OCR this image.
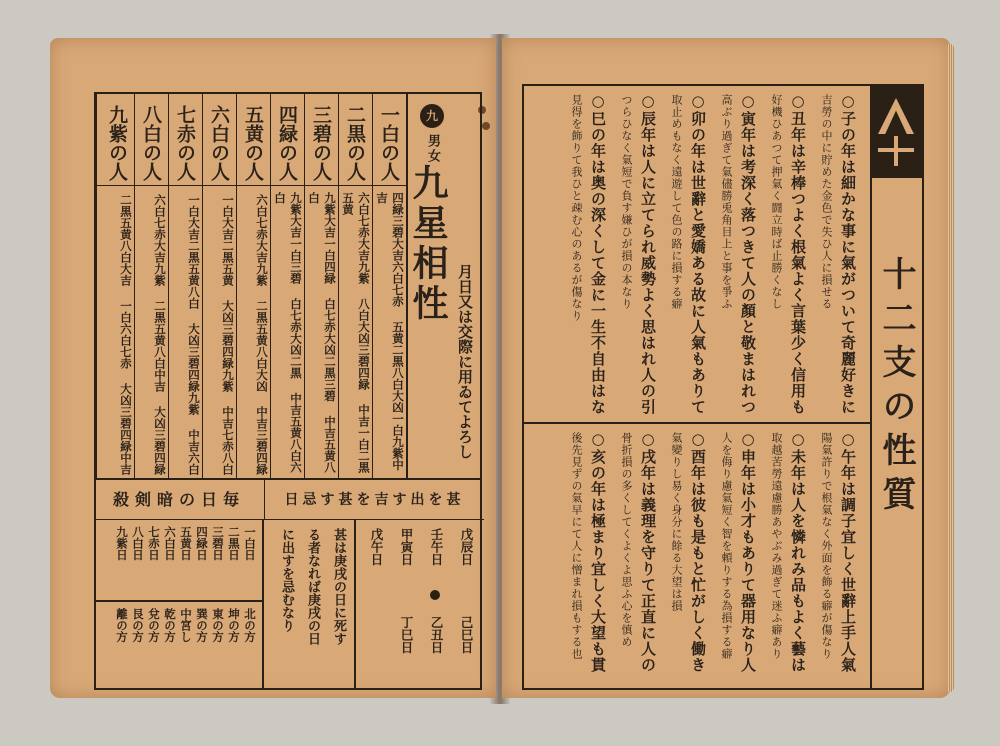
九
男女
九星相性
月日又は交際に用ゐてよろし
一白の人
四緑三碧大吉六白七赤 五黄二黒八白大凶一白九紫中吉
二黒の人
六白七赤大吉九紫 八白大凶三碧四緑 中吉一白二黒五黄
三碧の人
九紫大吉一白四緑 白七赤大凶二黒三碧 中吉五黄八白
四緑の人
九紫大吉一白三碧 白七赤大凶二黒 中吉五黄八白六白
五黄の人
六白七赤大吉九紫 二黒五黄八白大凶 中吉三碧四緑
六白の人
一白大吉二黒五黄 大凶三碧四緑九紫 中吉七赤八白
七赤の人
一白大吉二黒五黄八白 大凶三碧四緑九紫 中吉六白
八白の人
六白七赤大吉九紫 二黒五黄八白中吉 大凶三碧四緑
九紫の人
二黒五黄八白大吉 一白六白七赤 大凶三碧四緑中吉
甚を出す吉を甚す忌日
毎日の暗剣殺
戊辰日
己巳日
壬午日
乙丑日
甲寅日
丁巳日
戊午日
甚は庚戌の日に死す
る者なれば庚戌の日
に出すを忌むなり
一白日
二黒日
三碧日
四緑日
五黄日
六白日
七赤日
八白日
九紫日
北の方
坤の方
東の方
巽の方
中宮し
乾の方
兌の方
艮の方
離の方
十二支の性質
○子の年は細かな事に氣がついて奇麗好きに
吉勞の中に貯めた金色で失ひ人に損せる
○丑年は辛棒つよく根氣よく言葉少く信用も
好機ひあつて押氣く闘立時ば止勝くなし
○寅年は考深く落つきて人の顏と敬まはれつ
高ぶり過ぎて氣儘勝兎角目上と事を爭ふ
○卯の年は世辭と愛嬌ある故に人氣もありて
取止めもなく遠遊して色の路に損する癖
○辰年は人に立てられ威勢よく思はれ人の引
つらひなく氣短で負す嫌ひが損の本なり
○巳の年は奥の深くして金に一生不自由はな
見得を飾りて我ひと疎む心のあるが傷なり
○午年は調子宜しく世辭上手人氣
陽氣許りで根氣なく外面を飾る癖が傷なり
○未年は人を憐れみ品もよく藝は
取越苦勞遠慮勝あやぶみ過ぎて迷ふ癖あり
○申年は小才もありて器用なり人
人を侮り慮氣短く智を頼りする為損する癖
○酉年は彼も是もと忙がしく働き
氣變りし易く身分に餘る大望は損
○戌年は義理を守りて正直に人の
骨折損の多くしてくよくよ思ふ心を慎め
○亥の年は極まり宜しく大望も貫
後先見ずの氣早にて人に憎まれ損もする也
